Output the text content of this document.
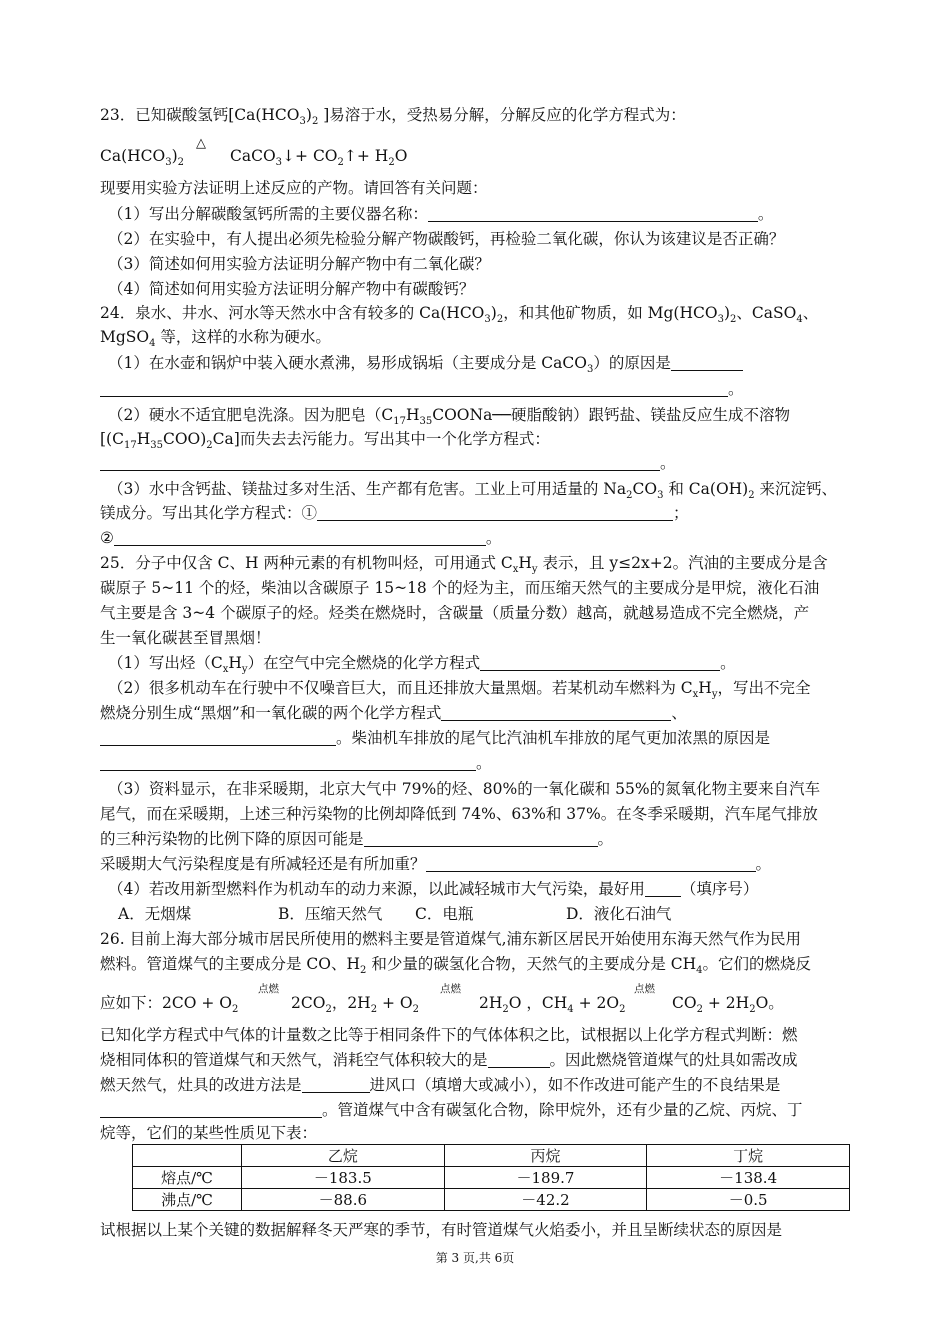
23．已知碳酸氢钙[$Ca(HCO_3)_2$ ]易溶于水，受热易分解，分解反应的化学方程式为：
$Ca(HCO_3)_2$
△
CaCO$_3$↓+ $CO_2↑+ H_2O$
现要用实验方法证明上述反应的产物。请回答有关问题：
（1）写出分解碳酸氢钙所需的主要仪器名称：	。
（2）在实验中，有人提出必须先检验分解产物碳酸钙，再检验二氧化碳，你认为该建议是否正确？
（3）简述如何用实验方法证明分解产物中有二氧化碳？
（4）简述如何用实验方法证明分解产物中有碳酸钙？
24．泉水、井水、河水等天然水中含有较多的 $Ca(HCO_3)_2$，和其他矿物质，如 $Mg(HCO_3)_2$、CaSO$_4$、
MgSO$_4$ 等，这样的水称为硬水。
（1）在水壶和锅炉中装入硬水煮沸，易形成锅垢（主要成分是 CaCO$_3$）的原因是
。
（2）硬水不适宜肥皂洗涤。因为肥皂（$C_{17}H_{35}COONa──$硬脂酸钠）跟钙盐、镁盐反应生成不溶物
$[(C_{17}H_{35}COO)_2Ca]$而失去去污能力。写出其中一个化学方程式：
。
（3）水中含钙盐、镁盐过多对生活、生产都有危害。工业上可用适量的 $Na_2CO_3$ 和 $Ca(OH)_2$ 来沉淀钙、
镁成分。写出其化学方程式：①	；
②	。
25．分子中仅含 C、H 两种元素的有机物叫烃，可用通式 $C_xH_y$ 表示，且 y≤2x+2。汽油的主要成分是含
碳原子 5~11 个的烃，柴油以含碳原子 15~18 个的烃为主，而压缩天然气的主要成分是甲烷，液化石油
气主要是含 3~4 个碳原子的烃。烃类在燃烧时，含碳量（质量分数）越高，就越易造成不完全燃烧，产
生一氧化碳甚至冒黑烟！
（1）写出烃$(C_xH_y)$在空气中完全燃烧的化学方程式	。
（2）很多机动车在行驶中不仅噪音巨大，而且还排放大量黑烟。若某机动车燃料为 $C_xH_y$，写出不完全
燃烧分别生成“黑烟”和一氧化碳的两个化学方程式	、
。柴油机车排放的尾气比汽油机车排放的尾气更加浓黑的原因是
。
（3）资料显示，在非采暖期，北京大气中 79%的烃、80%的一氧化碳和 55%的氮氧化物主要来自汽车
尾气，而在采暖期，上述三种污染物的比例却降低到 74%、63%和 37%。在冬季采暖期，汽车尾气排放
的三种污染物的比例下降的原因可能是	。
采暖期大气污染程度是有所减轻还是有所加重？	。
（4）若改用新型燃料作为机动车的动力来源，以此减轻城市大气污染，最好用 （填序号）
A．无烟煤	B．压缩天然气 C．电瓶	D．液化石油气
26. 目前上海大部分城市居民所使用的燃料主要是管道煤气,浦东新区居民开始使用东海天然气作为民用
燃料。管道煤气的主要成分是 CO、$H_2$ 和少量的碳氢化合物，天然气的主要成分是 $CH_4$。它们的燃烧反
应如下：$2CO + O_2$
点燃
$2CO_2$，$2H_2 + O_2$
点燃
$2H_2O$ ，$CH_4 + 2O_2$
点燃
$CO_2 + 2H_2O$。
已知化学方程式中气体的计量数之比等于相同条件下的气体体积之比，试根据以上化学方程式判断：燃
烧相同体积的管道煤气和天然气，消耗空气体积较大的是	。因此燃烧管道煤气的灶具如需改成
燃天然气，灶具的改进方法是	进风口（填增大或减小），如不作改进可能产生的不良结果是
。管道煤气中含有碳氢化合物，除甲烷外，还有少量的乙烷、丙烷、丁
烷等，它们的某些性质见下表：
	乙烷	丙烷	丁烷
熔点/℃	－183.5	－189.7	－138.4
沸点/℃	－88.6	－42.2	－0.5
试根据以上某个关键的数据解释冬天严寒的季节，有时管道煤气火焰委小，并且呈断续状态的原因是
第 3 页,共 6页
